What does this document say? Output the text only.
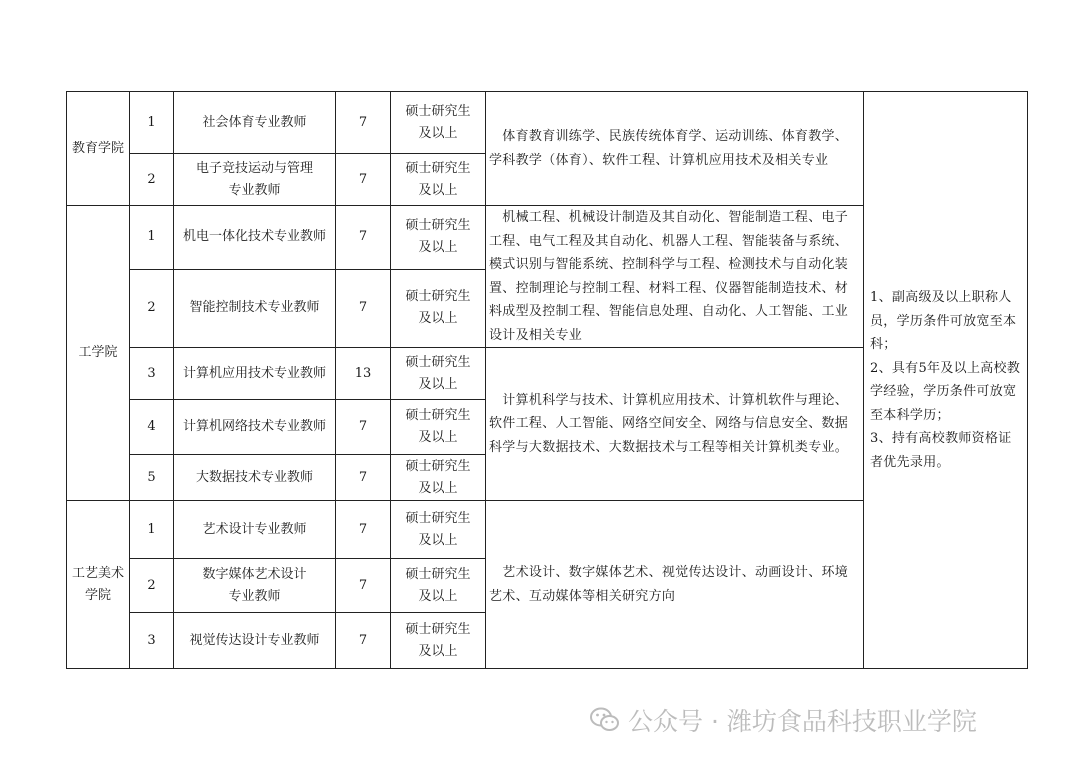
教育学院	1	社会体育专业教师	7	硕士研究生
及以上	　体育教育训练学、民族传统体育学、运动训练、体育教学、学科教学（体育）、软件工程、计算机应用技术及相关专业	1、副高级及以上职称人员，学历条件可放宽至本科；
2、具有5年及以上高校教学经验，学历条件可放宽至本科学历；
3、持有高校教师资格证者优先录用。
	2	电子竞技运动与管理
专业教师	7	硕士研究生
及以上		
工学院	1	机电一体化技术专业教师	7	硕士研究生
及以上	　机械工程、机械设计制造及其自动化、智能制造工程、电子工程、电气工程及其自动化、机器人工程、智能装备与系统、模式识别与智能系统、控制科学与工程、检测技术与自动化装置、控制理论与控制工程、材料工程、仪器智能制造技术、材料成型及控制工程、智能信息处理、自动化、人工智能、工业设计及相关专业	
	2	智能控制技术专业教师	7	硕士研究生
及以上		
	3	计算机应用技术专业教师	13	硕士研究生
及以上	　计算机科学与技术、计算机应用技术、计算机软件与理论、软件工程、人工智能、网络空间安全、网络与信息安全、数据科学与大数据技术、大数据技术与工程等相关计算机类专业。	
	4	计算机网络技术专业教师	7	硕士研究生
及以上		
	5	大数据技术专业教师	7	硕士研究生
及以上		
工艺美术
学院	1	艺术设计专业教师	7	硕士研究生
及以上	　艺术设计、数字媒体艺术、视觉传达设计、动画设计、环境艺术、互动媒体等相关研究方向	
	2	数字媒体艺术设计
专业教师	7	硕士研究生
及以上		
	3	视觉传达设计专业教师	7	硕士研究生
及以上		
公众号 · 潍坊食品科技职业学院
